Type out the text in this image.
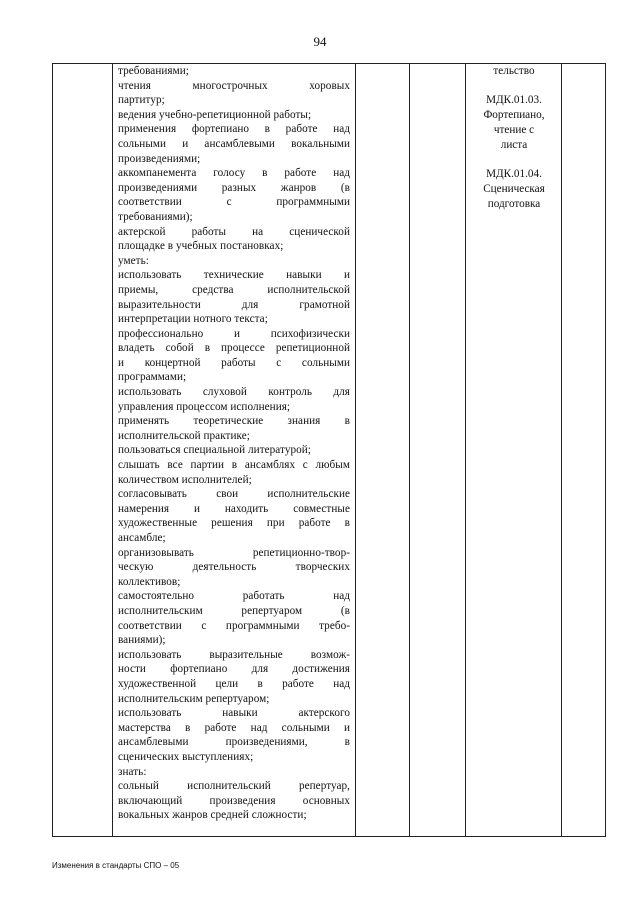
94
требованиями;
чтения многострочных хоровых
партитур;
ведения учебно-репетиционной работы;
применения фортепиано в работе над
сольными и ансамблевыми вокальными
произведениями;
аккомпанемента голосу в работе над
произведениями разных жанров (в
соответствии с программными
требованиями);
актерской работы на сценической
площадке в учебных постановках;
уметь:
использовать технические навыки и
приемы, средства исполнительской
выразительности для грамотной
интерпретации нотного текста;
профессионально и психофизически
владеть собой в процессе репетиционной
и концертной работы с сольными
программами;
использовать слуховой контроль для
управления процессом исполнения;
применять теоретические знания в
исполнительской практике;
пользоваться специальной литературой;
слышать все партии в ансамблях с любым
количеством исполнителей;
согласовывать свои исполнительские
намерения и находить совместные
художественные решения при работе в
ансамбле;
организовывать репетиционно-твор-
ческую деятельность творческих
коллективов;
самостоятельно работать над
исполнительским репертуаром (в
соответствии с программными требо-
ваниями);
использовать выразительные возмож-
ности фортепиано для достижения
художественной цели в работе над
исполнительским репертуаром;
использовать навыки актерского
мастерства в работе над сольными и
ансамблевыми произведениями, в
сценических выступлениях;
знать:
сольный исполнительский репертуар,
включающий произведения основных
вокальных жанров средней сложности;
тельство
МДК.01.03.
Фортепиано,
чтение с
листа
МДК.01.04.
Сценическая
подготовка
Изменения в стандарты СПО – 05
